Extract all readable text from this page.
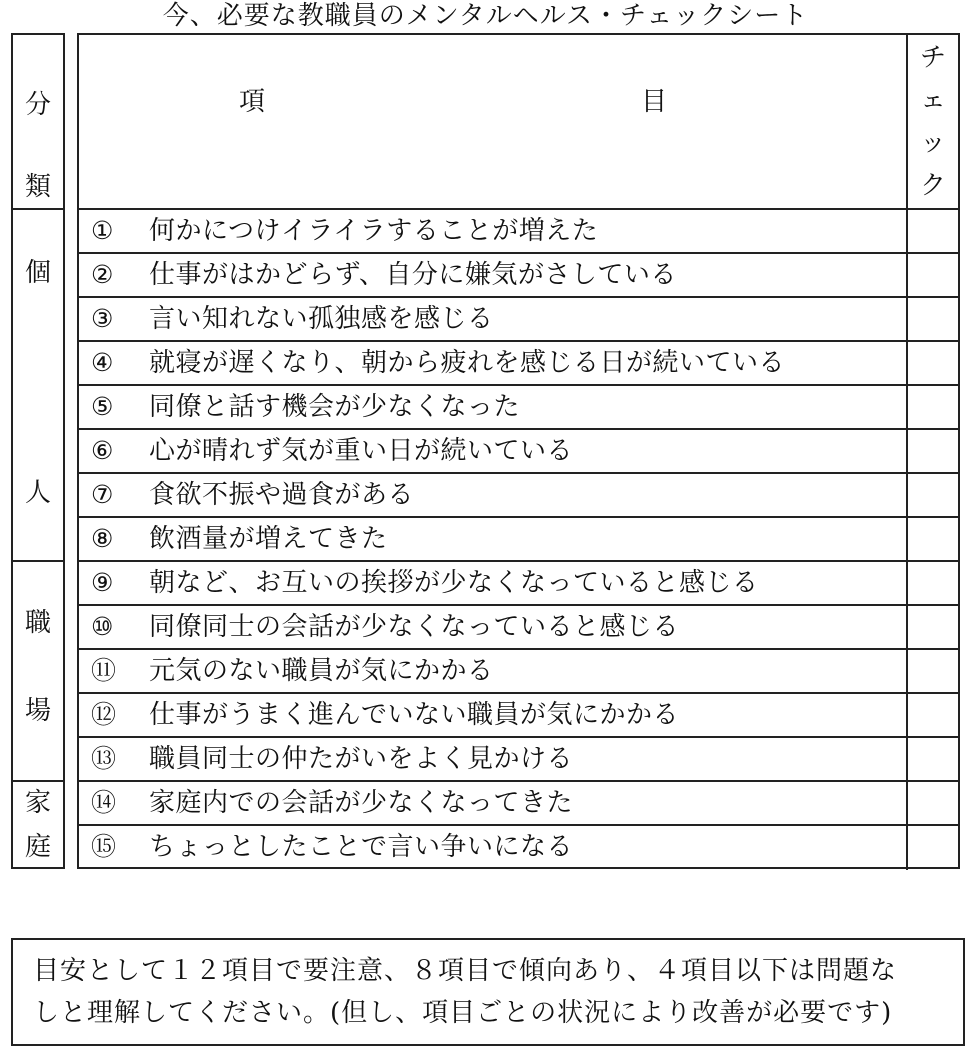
今、必要な教職員のメンタルヘルス・チェックシート
分
類
個
人
職
場
家
庭
項	目
チ
ェ
ッ
ク
① 何かにつけイライラすることが増えた
② 仕事がはかどらず、自分に嫌気がさしている
③ 言い知れない孤独感を感じる
④ 就寝が遅くなり、朝から疲れを感じる日が続いている
⑤ 同僚と話す機会が少なくなった
⑥ 心が晴れず気が重い日が続いている
⑦ 食欲不振や過食がある
⑧ 飲酒量が増えてきた
⑨ 朝など、お互いの挨拶が少なくなっていると感じる
⑩ 同僚同士の会話が少なくなっていると感じる
⑪ 元気のない職員が気にかかる
⑫ 仕事がうまく進んでいない職員が気にかかる
⑬ 職員同士の仲たがいをよく見かける
⑭ 家庭内での会話が少なくなってきた
⑮ ちょっとしたことで言い争いになる
目安として１２項目で要注意、８項目で傾向あり、４項目以下は問題な
しと理解してください。(但し、項目ごとの状況により改善が必要です)
